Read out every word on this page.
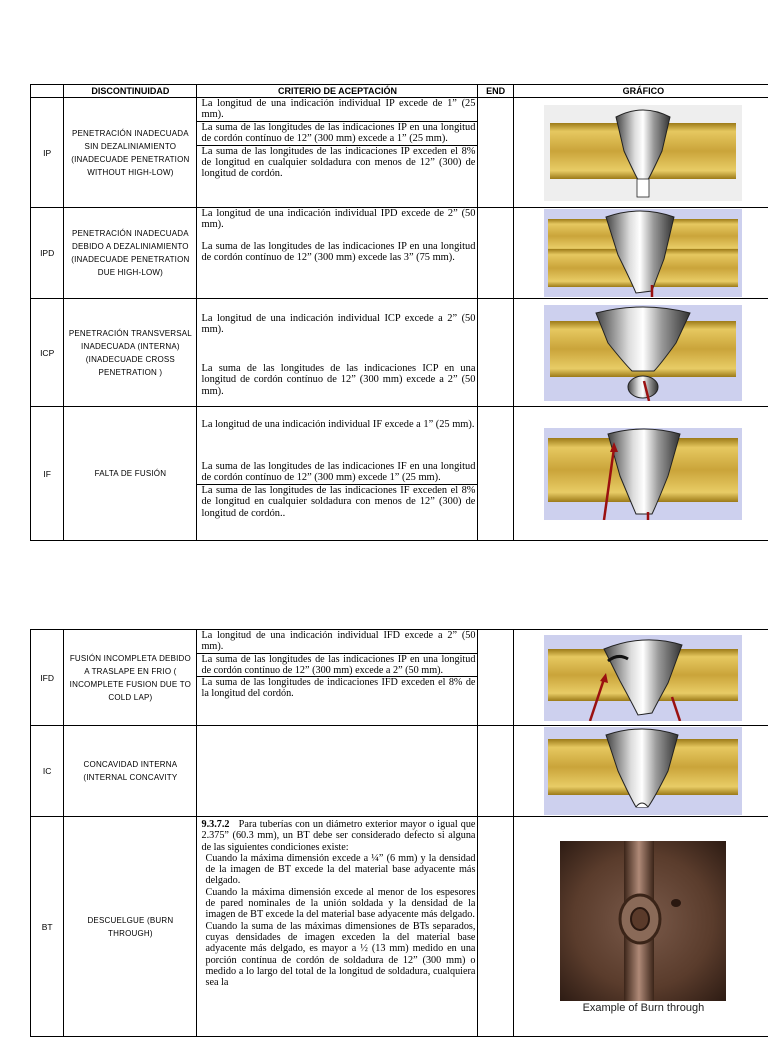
	DISCONTINUIDAD	CRITERIO DE ACEPTACIÓN	END	GRÁFICO
IP	PENETRACIÓN INADECUADA SIN DEZALINIAMIENTO (INADECUADE PENETRATION WITHOUT HIGH-LOW)	La longitud de una indicación individual IP excede de 1” (25 mm).
La suma de las longitudes de las indicaciones IP en una longitud de cordón contínuo de 12” (300 mm) excede a 1” (25 mm).
La suma de las longitudes de las indicaciones IP exceden el 8% de longitud en cualquier soldadura con menos de 12” (300) de longitud de cordón.

IPD	PENETRACIÓN INADECUADA DEBIDO A DEZALINIAMIENTO (INADECUADE PENETRATION DUE HIGH-LOW)	La longitud de una indicación individual IPD excede de 2” (50 mm).
La suma de las longitudes de las indicaciones IP en una longitud de cordón contínuo de 12” (300 mm) excede las 3” (75 mm).

ICP	PENETRACIÓN TRANSVERSAL INADECUADA (INTERNA) (INADECUADE CROSS PENETRATION )	La longitud de una indicación individual ICP excede a 2” (50 mm).
La suma de las longitudes de las indicaciones ICP en una longitud de cordón contínuo de 12” (300 mm) excede a 2” (50 mm).

IF	FALTA DE FUSIÓN	La longitud de una indicación individual IF excede a 1” (25 mm).
La suma de las longitudes de las indicaciones IF en una longitud de cordón contínuo de 12” (300 mm) excede 1” (25 mm).
La suma de las longitudes de las indicaciones IF exceden el 8% de longitud en cualquier soldadura con menos de 12” (300) de longitud de cordón..

IFD	FUSIÓN INCOMPLETA DEBIDO A TRASLAPE EN FRIO ( INCOMPLETE FUSION DUE TO COLD LAP)	La longitud de una indicación individual IFD excede a 2” (50 mm).
La suma de las longitudes de las indicaciones IP en una longitud de cordón contínuo de 12” (300 mm) excede a 2” (50 mm).
La suma de las longitudes de indicaciones IFD exceden el 8% de la longitud del cordón.

IC	CONCAVIDAD INTERNA (INTERNAL CONCAVITY			

BT	DESCUELGUE (BURN THROUGH)	9.3.7.2 Para tuberías con un diámetro exterior mayor o igual que 2.375” (60.3 mm), un BT debe ser considerado defecto si alguna de las siguientes condiciones existe:
Cuando la máxima dimensión excede a ¼” (6 mm) y la densidad de la imagen de BT excede la del material base adyacente más delgado.
Cuando la máxima dimensión excede al menor de los espesores de pared nominales de la unión soldada y la densidad de la imagen de BT excede la del material base adyacente más delgado.
Cuando la suma de las máximas dimensiones de BTs separados, cuyas densidades de imagen exceden la del material base adyacente más delgado, es mayor a ½ (13 mm) medido en una porción contínua de cordón de soldadura de 12” (300 mm) o medido a lo largo del total de la longitud de soldadura, cualquiera sea la		Example of Burn through
